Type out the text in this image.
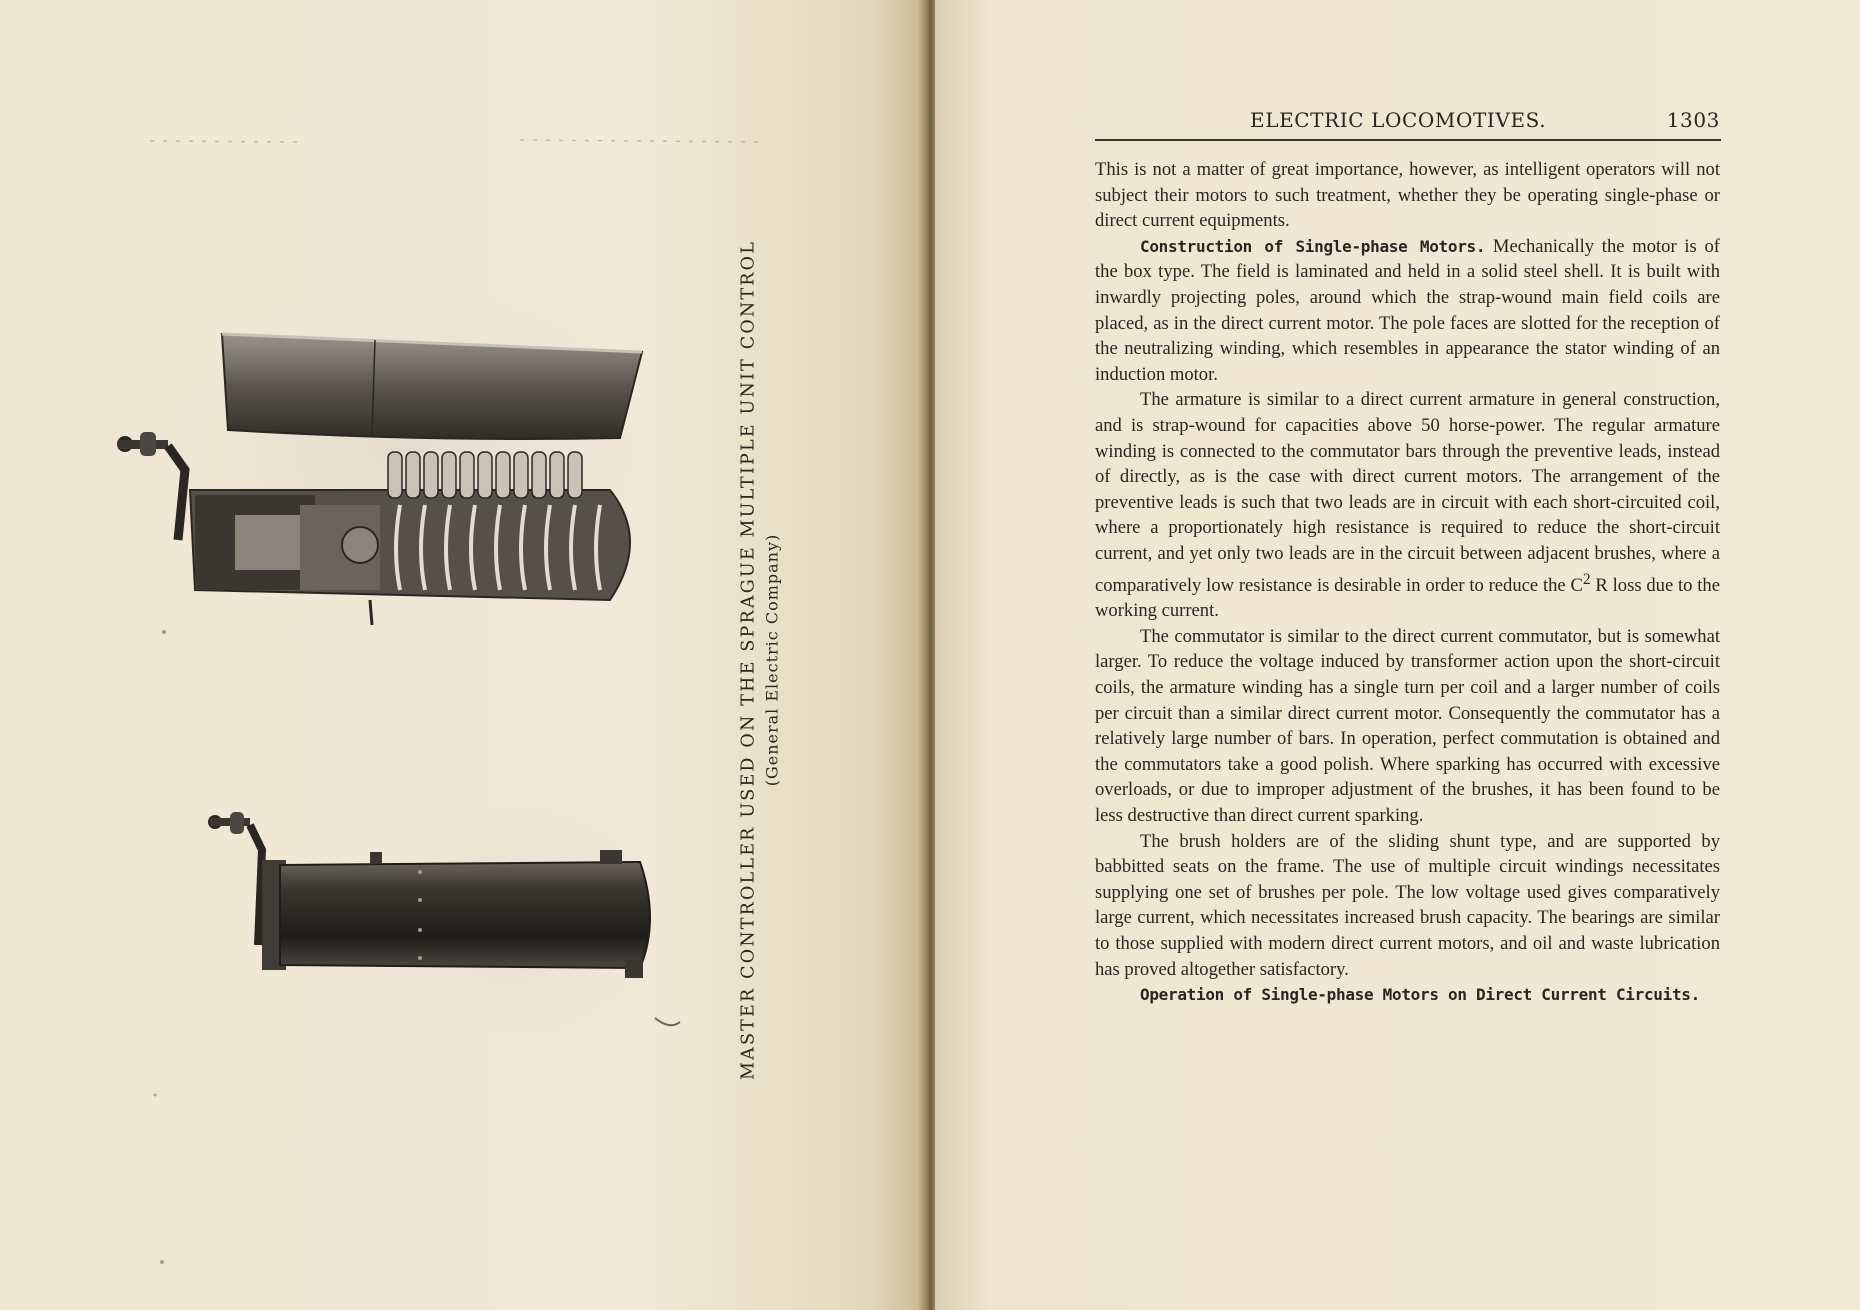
MASTER CONTROLLER USED ON THE SPRAGUE MULTIPLE UNIT CONTROL (General Electric Company)
ELECTRIC LOCOMOTIVES.	1303

This is not a matter of great importance, however, as intelligent operators will not subject their motors to such treatment, whether they be operating single-phase or direct current equipments.

Construction of Single-phase Motors. Mechanically the motor is of the box type. The field is laminated and held in a solid steel shell. It is built with inwardly projecting poles, around which the strap-wound main field coils are placed, as in the direct current motor. The pole faces are slotted for the reception of the neutralizing winding, which resembles in appearance the stator winding of an induction motor.

The armature is similar to a direct current armature in general construction, and is strap-wound for capacities above 50 horse-power. The regular armature winding is connected to the commutator bars through the preventive leads, instead of directly, as is the case with direct current motors. The arrangement of the preventive leads is such that two leads are in circuit with each short-circuited coil, where a proportionately high resistance is required to reduce the short-circuit current, and yet only two leads are in the circuit between adjacent brushes, where a comparatively low resistance is desirable in order to reduce the $C^2$ R loss due to the working current.

The commutator is similar to the direct current commutator, but is somewhat larger. To reduce the voltage induced by transformer action upon the short-circuit coils, the armature winding has a single turn per coil and a larger number of coils per circuit than a similar direct current motor. Consequently the commutator has a relatively large number of bars. In operation, perfect commutation is obtained and the commutators take a good polish. Where sparking has occurred with excessive overloads, or due to improper adjustment of the brushes, it has been found to be less destructive than direct current sparking.

The brush holders are of the sliding shunt type, and are supported by babbitted seats on the frame. The use of multiple circuit windings necessitates supplying one set of brushes per pole. The low voltage used gives comparatively large current, which necessitates increased brush capacity. The bearings are similar to those supplied with modern direct current motors, and oil and waste lubrication has proved altogether satisfactory.

Operation of Single-phase Motors on Direct Current Circuits.
